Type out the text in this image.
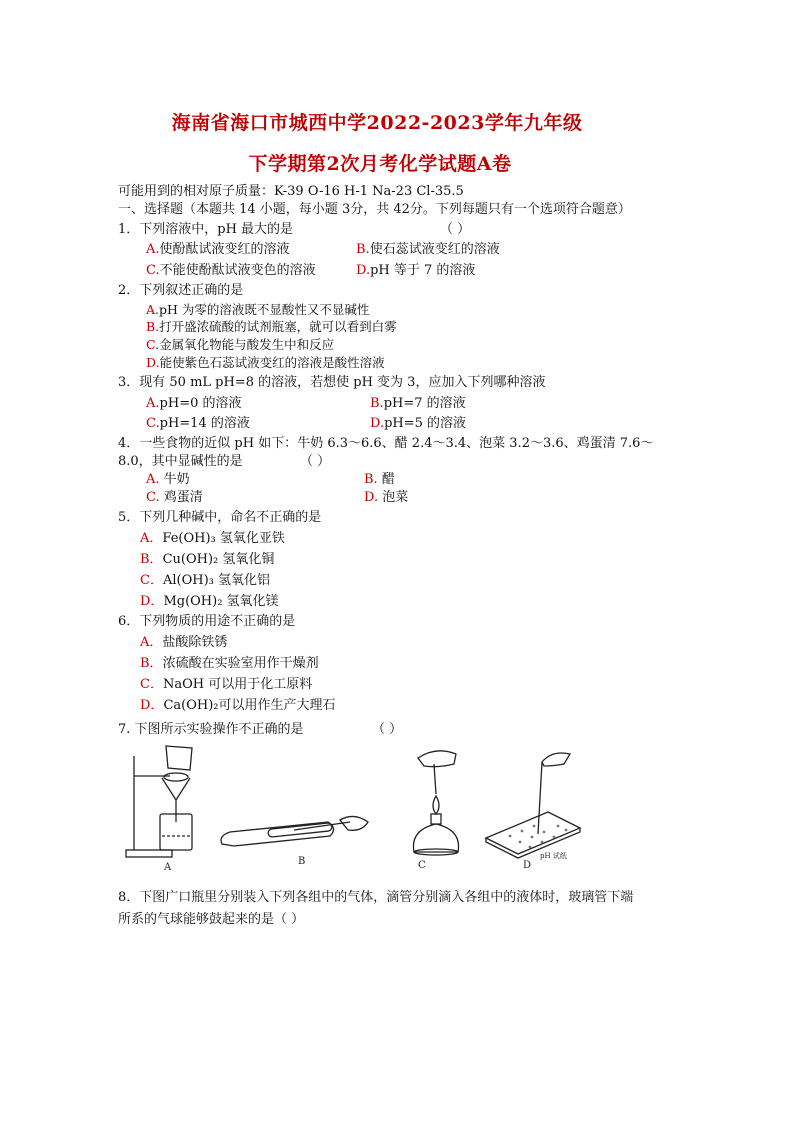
海南省海口市城西中学2022-2023学年九年级
下学期第2次月考化学试题A卷
可能用到的相对原子质量：K-39 O-16 H-1 Na-23 Cl-35.5
一、选择题（本题共 14 小题，每小题 3分，共 42分。下列每题只有一个选项符合题意）
1．下列溶液中，pH 最大的是	（ ）
A.使酚酞试液变红的溶液	B.使石蕊试液变红的溶液
C.不能使酚酞试液变色的溶液	D.pH 等于 7 的溶液
2．下列叙述正确的是
A.pH 为零的溶液既不显酸性又不显碱性
B.打开盛浓硫酸的试剂瓶塞，就可以看到白雾
C.金属氧化物能与酸发生中和反应
D.能使紫色石蕊试液变红的溶液是酸性溶液
3．现有 50 mL pH=8 的溶液，若想使 pH 变为 3，应加入下列哪种溶液
A.pH=0 的溶液	B.pH=7 的溶液
C.pH=14 的溶液	D.pH=5 的溶液
4．一些食物的近似 pH 如下：牛奶 6.3～6.6、醋 2.4～3.4、泡菜 3.2～3.6、鸡蛋清 7.6～
8.0，其中显碱性的是	（ ）
A. 牛奶	B. 醋
C. 鸡蛋清	D. 泡菜
5．下列几种碱中，命名不正确的是
A．Fe(OH)₃ 氢氧化亚铁
B．Cu(OH)₂ 氢氧化铜
C．Al(OH)₃ 氢氧化铝
D．Mg(OH)₂ 氢氧化镁
6．下列物质的用途不正确的是
A．盐酸除铁锈
B．浓硫酸在实验室用作干燥剂
C．NaOH 可以用于化工原料
D．Ca(OH)₂可以用作生产大理石
7. 下图所示实验操作不正确的是	（ ）
A
B	C	D
pH 试纸
8．下图广口瓶里分别装入下列各组中的气体，滴管分别滴入各组中的液体时，玻璃管下端
所系的气球能够鼓起来的是（ ）
